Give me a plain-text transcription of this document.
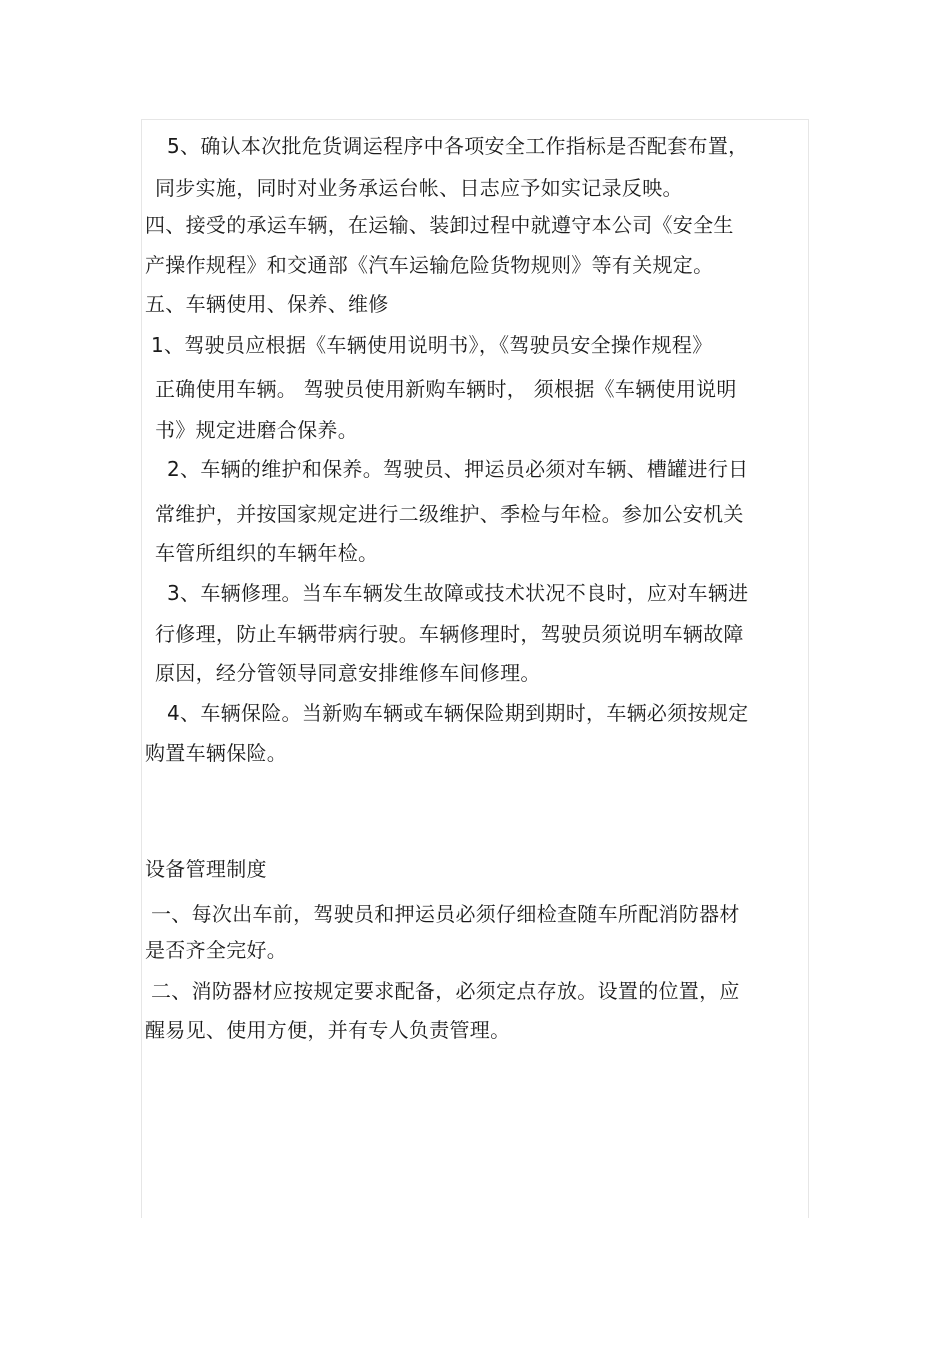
5、确认本次批危货调运程序中各项安全工作指标是否配套布置，
同步实施，同时对业务承运台帐、日志应予如实记录反映。
四、接受的承运车辆，在运输、装卸过程中就遵守本公司《安全生
产操作规程》和交通部《汽车运输危险货物规则》等有关规定。
五、车辆使用、保养、维修
1、驾驶员应根据《车辆使用说明书》，《驾驶员安全操作规程》
正确使用车辆。 驾驶员使用新购车辆时， 须根据《车辆使用说明
书》规定进磨合保养。
2、车辆的维护和保养。驾驶员、押运员必须对车辆、槽罐进行日
常维护，并按国家规定进行二级维护、季检与年检。参加公安机关
车管所组织的车辆年检。
3、车辆修理。当车车辆发生故障或技术状况不良时，应对车辆进
行修理，防止车辆带病行驶。车辆修理时，驾驶员须说明车辆故障
原因，经分管领导同意安排维修车间修理。
4、车辆保险。当新购车辆或车辆保险期到期时，车辆必须按规定
购置车辆保险。
设备管理制度
一、每次出车前，驾驶员和押运员必须仔细检查随车所配消防器材
是否齐全完好。
二、消防器材应按规定要求配备，必须定点存放。设置的位置，应
醒易见、使用方便，并有专人负责管理。
